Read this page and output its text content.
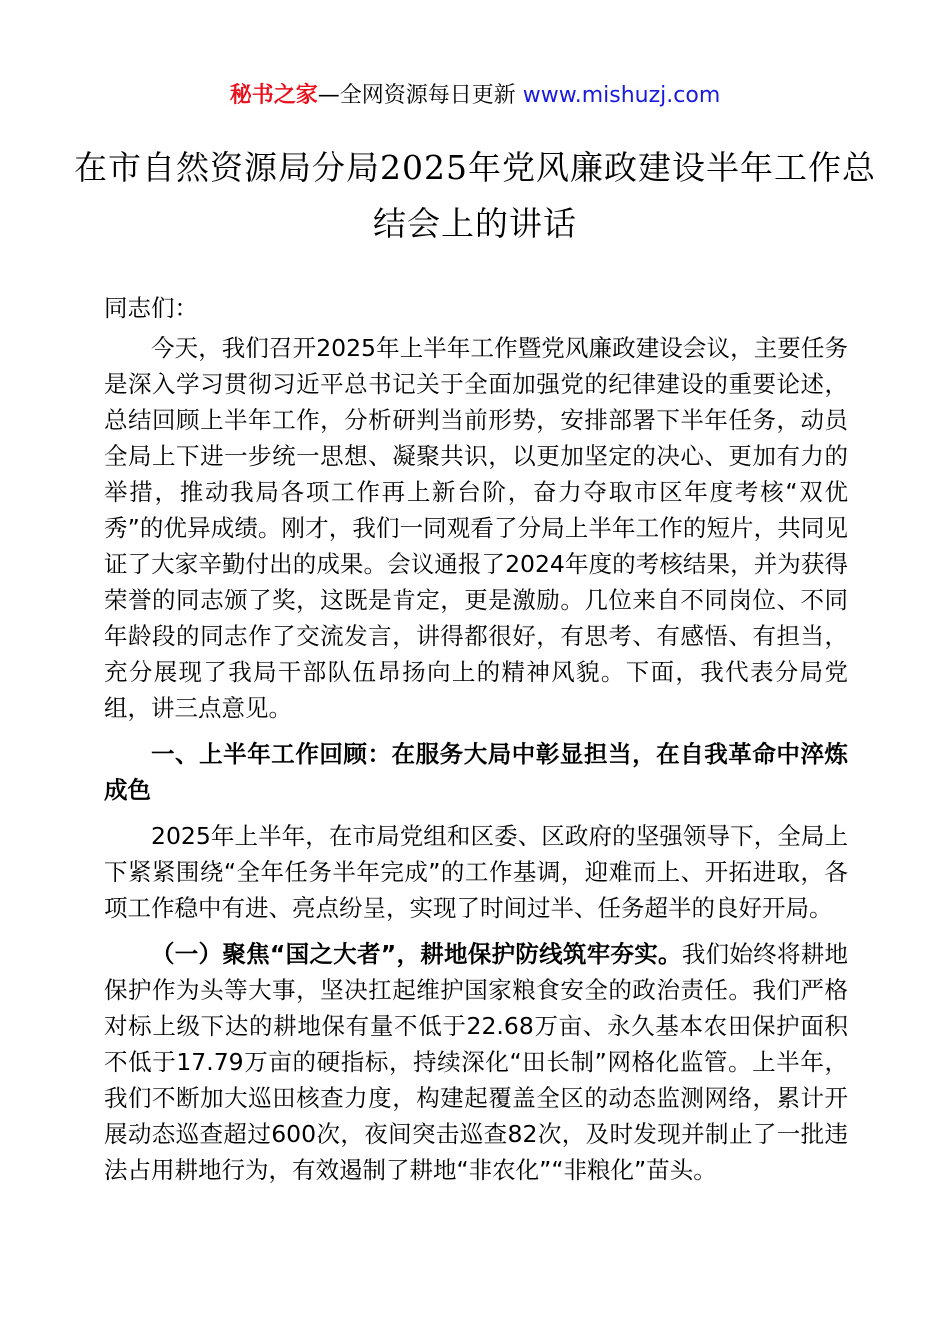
秘书之家—全网资源每日更新 www.mishuzj.com
在市自然资源局分局2025年党风廉政建设半年工作总结会上的讲话

同志们：

今天，我们召开2025年上半年工作暨党风廉政建设会议，主要任务是深入学习贯彻习近平总书记关于全面加强党的纪律建设的重要论述，总结回顾上半年工作，分析研判当前形势，安排部署下半年任务，动员全局上下进一步统一思想、凝聚共识，以更加坚定的决心、更加有力的举措，推动我局各项工作再上新台阶，奋力夺取市区年度考核“双优秀”的优异成绩。刚才，我们一同观看了分局上半年工作的短片，共同见证了大家辛勤付出的成果。会议通报了2024年度的考核结果，并为获得荣誉的同志颁了奖，这既是肯定，更是激励。几位来自不同岗位、不同年龄段的同志作了交流发言，讲得都很好，有思考、有感悟、有担当，充分展现了我局干部队伍昂扬向上的精神风貌。下面，我代表分局党组，讲三点意见。

一、上半年工作回顾：在服务大局中彰显担当，在自我革命中淬炼成色

2025年上半年，在市局党组和区委、区政府的坚强领导下，全局上下紧紧围绕“全年任务半年完成”的工作基调，迎难而上、开拓进取，各项工作稳中有进、亮点纷呈，实现了时间过半、任务超半的良好开局。

（一）聚焦“国之大者”，耕地保护防线筑牢夯实。我们始终将耕地保护作为头等大事，坚决扛起维护国家粮食安全的政治责任。我们严格对标上级下达的耕地保有量不低于22.68万亩、永久基本农田保护面积不低于17.79万亩的硬指标，持续深化“田长制”网格化监管。上半年，我们不断加大巡田核查力度，构建起覆盖全区的动态监测网络，累计开展动态巡查超过600次，夜间突击巡查82次，及时发现并制止了一批违法占用耕地行为，有效遏制了耕地“非农化”“非粮化”苗头。
